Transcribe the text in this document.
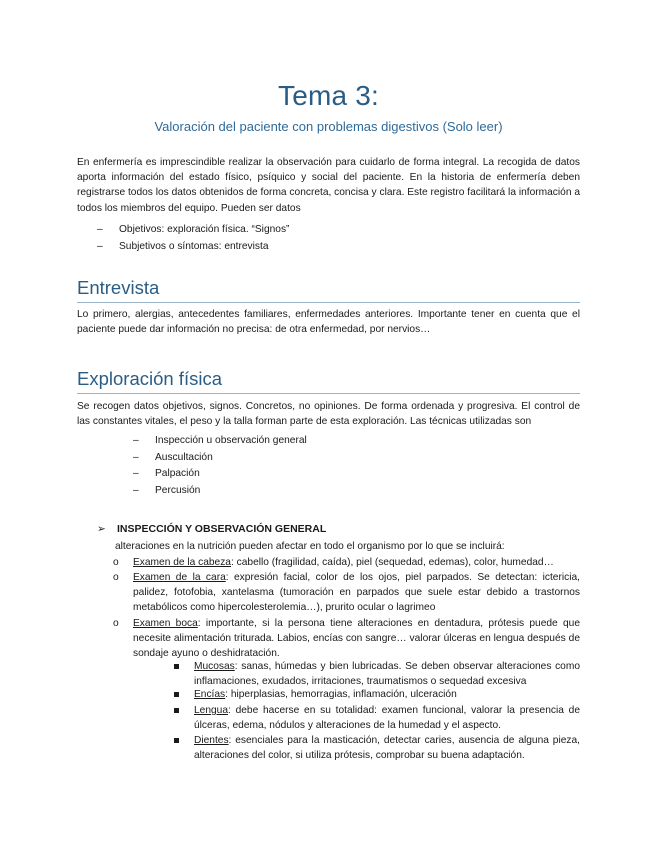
Tema 3:
Valoración del paciente con problemas digestivos (Solo leer)
En enfermería es imprescindible realizar la observación para cuidarlo de forma integral. La recogida de datos aporta información del estado físico, psíquico y social del paciente. En la historia de enfermería deben registrarse todos los datos obtenidos de forma concreta, concisa y clara. Este registro facilitará la información a todos los miembros del equipo. Pueden ser datos
–	Objetivos: exploración física. “Signos”
–	Subjetivos o síntomas: entrevista
Entrevista
Lo primero, alergias, antecedentes familiares, enfermedades anteriores. Importante tener en cuenta que el paciente puede dar información no precisa: de otra enfermedad, por nervios…
Exploración física
Se recogen datos objetivos, signos. Concretos, no opiniones. De forma ordenada y progresiva. El control de las constantes vitales, el peso y la talla forman parte de esta exploración. Las técnicas utilizadas son
–	Inspección u observación general
–	Auscultación
–	Palpación
–	Percusión
➢ INSPECCIÓN Y OBSERVACIÓN GENERAL
alteraciones en la nutrición pueden afectar en todo el organismo por lo que se incluirá:
o Examen de la cabeza: cabello (fragilidad, caída), piel (sequedad, edemas), color, humedad…
o Examen de la cara: expresión facial, color de los ojos, piel parpados. Se detectan: ictericia, palidez, fotofobia, xantelasma (tumoración en parpados que suele estar debido a trastornos metabólicos como hipercolesterolemia…), prurito ocular o lagrimeo
o Examen boca: importante, si la persona tiene alteraciones en dentadura, prótesis puede que necesite alimentación triturada. Labios, encías con sangre… valorar úlceras en lengua después de sondaje ayuno o deshidratación.
Mucosas: sanas, húmedas y bien lubricadas. Se deben observar alteraciones como inflamaciones, exudados, irritaciones, traumatismos o sequedad excesiva
Encías: hiperplasias, hemorragias, inflamación, ulceración
Lengua: debe hacerse en su totalidad: examen funcional, valorar la presencia de úlceras, edema, nódulos y alteraciones de la humedad y el aspecto.
Dientes: esenciales para la masticación, detectar caries, ausencia de alguna pieza, alteraciones del color, si utiliza prótesis, comprobar su buena adaptación.
